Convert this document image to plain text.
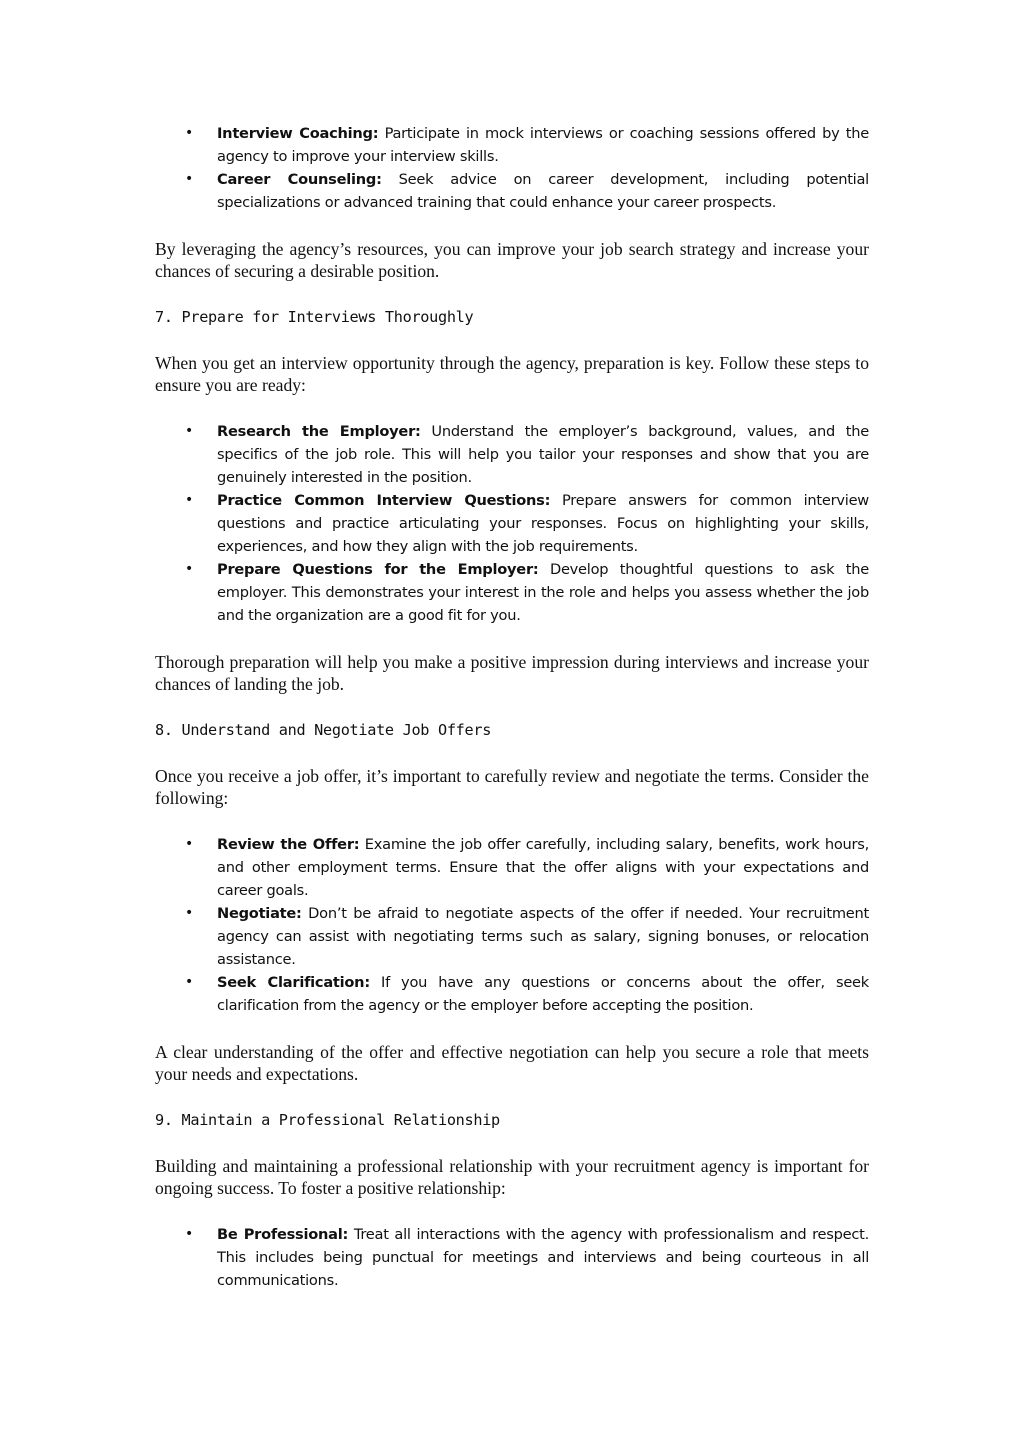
• Interview Coaching: Participate in mock interviews or coaching sessions offered by the agency to improve your interview skills.
• Career Counseling: Seek advice on career development, including potential specializations or advanced training that could enhance your career prospects.

By leveraging the agency’s resources, you can improve your job search strategy and increase your chances of securing a desirable position.

7. Prepare for Interviews Thoroughly

When you get an interview opportunity through the agency, preparation is key. Follow these steps to ensure you are ready:

• Research the Employer: Understand the employer’s background, values, and the specifics of the job role. This will help you tailor your responses and show that you are genuinely interested in the position.
• Practice Common Interview Questions: Prepare answers for common interview questions and practice articulating your responses. Focus on highlighting your skills, experiences, and how they align with the job requirements.
• Prepare Questions for the Employer: Develop thoughtful questions to ask the employer. This demonstrates your interest in the role and helps you assess whether the job and the organization are a good fit for you.

Thorough preparation will help you make a positive impression during interviews and increase your chances of landing the job.

8. Understand and Negotiate Job Offers

Once you receive a job offer, it’s important to carefully review and negotiate the terms. Consider the following:

• Review the Offer: Examine the job offer carefully, including salary, benefits, work hours, and other employment terms. Ensure that the offer aligns with your expectations and career goals.
• Negotiate: Don’t be afraid to negotiate aspects of the offer if needed. Your recruitment agency can assist with negotiating terms such as salary, signing bonuses, or relocation assistance.
• Seek Clarification: If you have any questions or concerns about the offer, seek clarification from the agency or the employer before accepting the position.

A clear understanding of the offer and effective negotiation can help you secure a role that meets your needs and expectations.

9. Maintain a Professional Relationship

Building and maintaining a professional relationship with your recruitment agency is important for ongoing success. To foster a positive relationship:

• Be Professional: Treat all interactions with the agency with professionalism and respect. This includes being punctual for meetings and interviews and being courteous in all communications.
